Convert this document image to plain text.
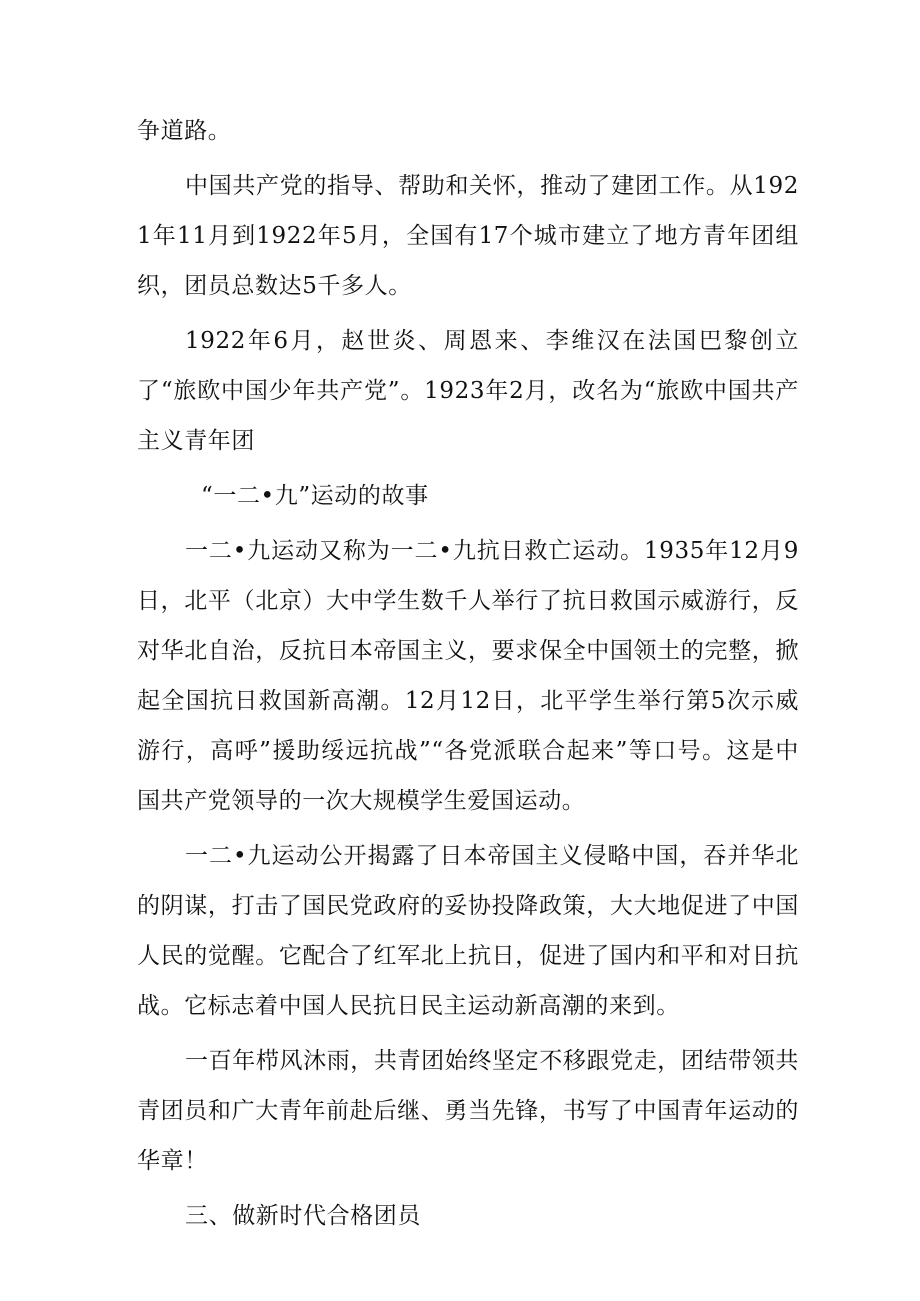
争道路。

中国共产党的指导、帮助和关怀，推动了建团工作。从1921年11月到1922年5月，全国有17个城市建立了地方青年团组织，团员总数达5千多人。

1922年6月，赵世炎、周恩来、李维汉在法国巴黎创立了“旅欧中国少年共产党”。1923年2月，改名为“旅欧中国共产主义青年团

“一二•九”运动的故事

一二•九运动又称为一二•九抗日救亡运动。1935年12月9日，北平（北京）大中学生数千人举行了抗日救国示威游行，反对华北自治，反抗日本帝国主义，要求保全中国领土的完整，掀起全国抗日救国新高潮。12月12日，北平学生举行第5次示威游行，高呼”援助绥远抗战”“各党派联合起来”等口号。这是中国共产党领导的一次大规模学生爱国运动。

一二•九运动公开揭露了日本帝国主义侵略中国，吞并华北的阴谋，打击了国民党政府的妥协投降政策，大大地促进了中国人民的觉醒。它配合了红军北上抗日，促进了国内和平和对日抗战。它标志着中国人民抗日民主运动新高潮的来到。

一百年栉风沐雨，共青团始终坚定不移跟党走，团结带领共青团员和广大青年前赴后继、勇当先锋，书写了中国青年运动的华章！

三、做新时代合格团员
